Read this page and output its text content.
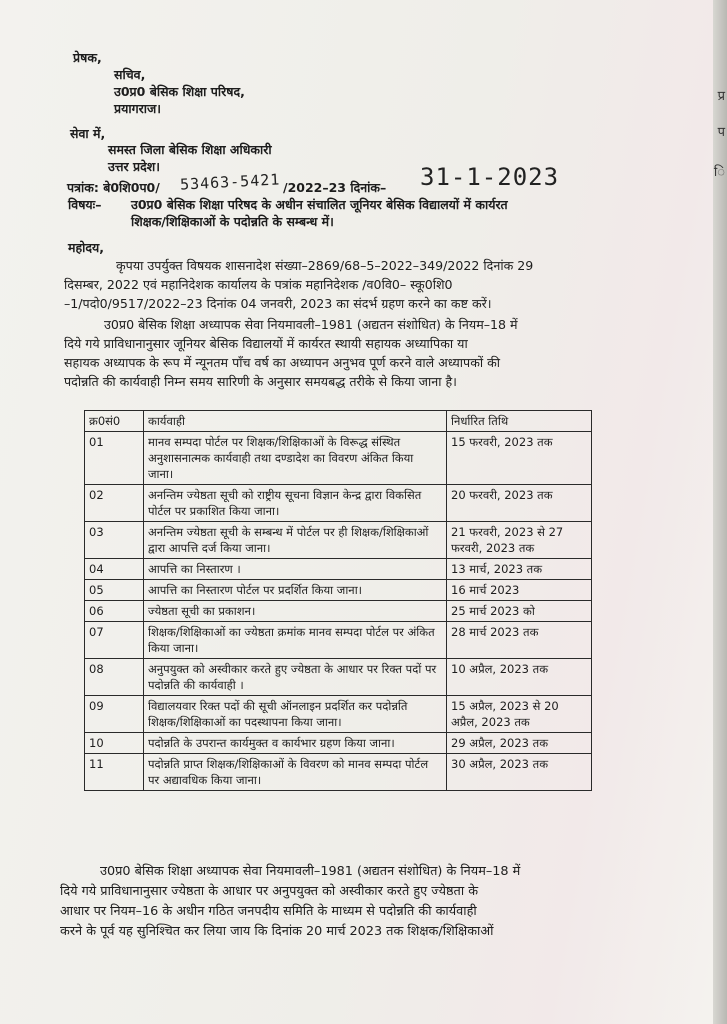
प्र
प
ि
प्रेषक,
सचिव,
उ0प्र0 बेसिक शिक्षा परिषद,
प्रयागराज।
सेवा में,
समस्त जिला बेसिक शिक्षा अधिकारी
उत्तर प्रदेश।
पत्रांक: बे0शि0प0/ 53463-5421 /2022–23 दिनांक– 31-1-2023
विषयः– उ0प्र0 बेसिक शिक्षा परिषद के अधीन संचालित जूनियर बेसिक विद्यालयों में कार्यरत
शिक्षक/शिक्षिकाओं के पदोन्नति के सम्बन्ध में।
महोदय,

कृपया उपर्युक्त विषयक शासनादेश संख्या–2869/68–5–2022–349/2022 दिनांक 29

दिसम्बर, 2022 एवं महानिदेशक कार्यालय के पत्रांक महानिदेशक /व0वि0– स्कू0शि0

–1/पदो0/9517/2022–23 दिनांक 04 जनवरी, 2023 का संदर्भ ग्रहण करने का कष्ट करें।

उ0प्र0 बेसिक शिक्षा अध्यापक सेवा नियमावली–1981 (अद्यतन संशोधित) के नियम–18 में

दिये गये प्राविधानानुसार जूनियर बेसिक विद्यालयों में कार्यरत स्थायी सहायक अध्यापिका या

सहायक अध्यापक के रूप में न्यूनतम पाँच वर्ष का अध्यापन अनुभव पूर्ण करने वाले अध्यापकों की

पदोन्नति की कार्यवाही निम्न समय सारिणी के अनुसार समयबद्ध तरीके से किया जाना है।

क्र0सं0	कार्यवाही	निर्धारित तिथि
01	मानव सम्पदा पोर्टल पर शिक्षक/शिक्षिकाओं के विरूद्ध संस्थित अनुशासनात्मक कार्यवाही तथा दण्डादेश का विवरण अंकित किया जाना।	15 फरवरी, 2023 तक
02	अनन्तिम ज्येष्ठता सूची को राष्ट्रीय सूचना विज्ञान केन्द्र द्वारा विकसित पोर्टल पर प्रकाशित किया जाना।	20 फरवरी, 2023 तक
03	अनन्तिम ज्येष्ठता सूची के सम्बन्ध में पोर्टल पर ही शिक्षक/शिक्षिकाओं द्वारा आपत्ति दर्ज किया जाना।	21 फरवरी, 2023 से 27 फरवरी, 2023 तक
04	आपत्ति का निस्तारण ।	13 मार्च, 2023 तक
05	आपत्ति का निस्तारण पोर्टल पर प्रदर्शित किया जाना।	16 मार्च 2023
06	ज्येष्ठता सूची का प्रकाशन।	25 मार्च 2023 को
07	शिक्षक/शिक्षिकाओं का ज्येष्ठता क्रमांक मानव सम्पदा पोर्टल पर अंकित किया जाना।	28 मार्च 2023 तक
08	अनुपयुक्त को अस्वीकार करते हुए ज्येष्ठता के आधार पर रिक्त पदों पर पदोन्नति की कार्यवाही ।	10 अप्रैल, 2023 तक
09	विद्यालयवार रिक्त पदों की सूची ऑनलाइन प्रदर्शित कर पदोन्नति शिक्षक/शिक्षिकाओं का पदस्थापना किया जाना।	15 अप्रैल, 2023 से 20 अप्रैल, 2023 तक
10	पदोन्नति के उपरान्त कार्यमुक्त व कार्यभार ग्रहण किया जाना।	29 अप्रैल, 2023 तक
11	पदोन्नति प्राप्त शिक्षक/शिक्षिकाओं के विवरण को मानव सम्पदा पोर्टल पर अद्यावधिक किया जाना।	30 अप्रैल, 2023 तक

उ0प्र0 बेसिक शिक्षा अध्यापक सेवा नियमावली–1981 (अद्यतन संशोधित) के नियम–18 में

दिये गये प्राविधानानुसार ज्येष्ठता के आधार पर अनुपयुक्त को अस्वीकार करते हुए ज्येष्ठता के

आधार पर नियम–16 के अधीन गठित जनपदीय समिति के माध्यम से पदोन्नति की कार्यवाही

करने के पूर्व यह सुनिश्चित कर लिया जाय कि दिनांक 20 मार्च 2023 तक शिक्षक/शिक्षिकाओं
